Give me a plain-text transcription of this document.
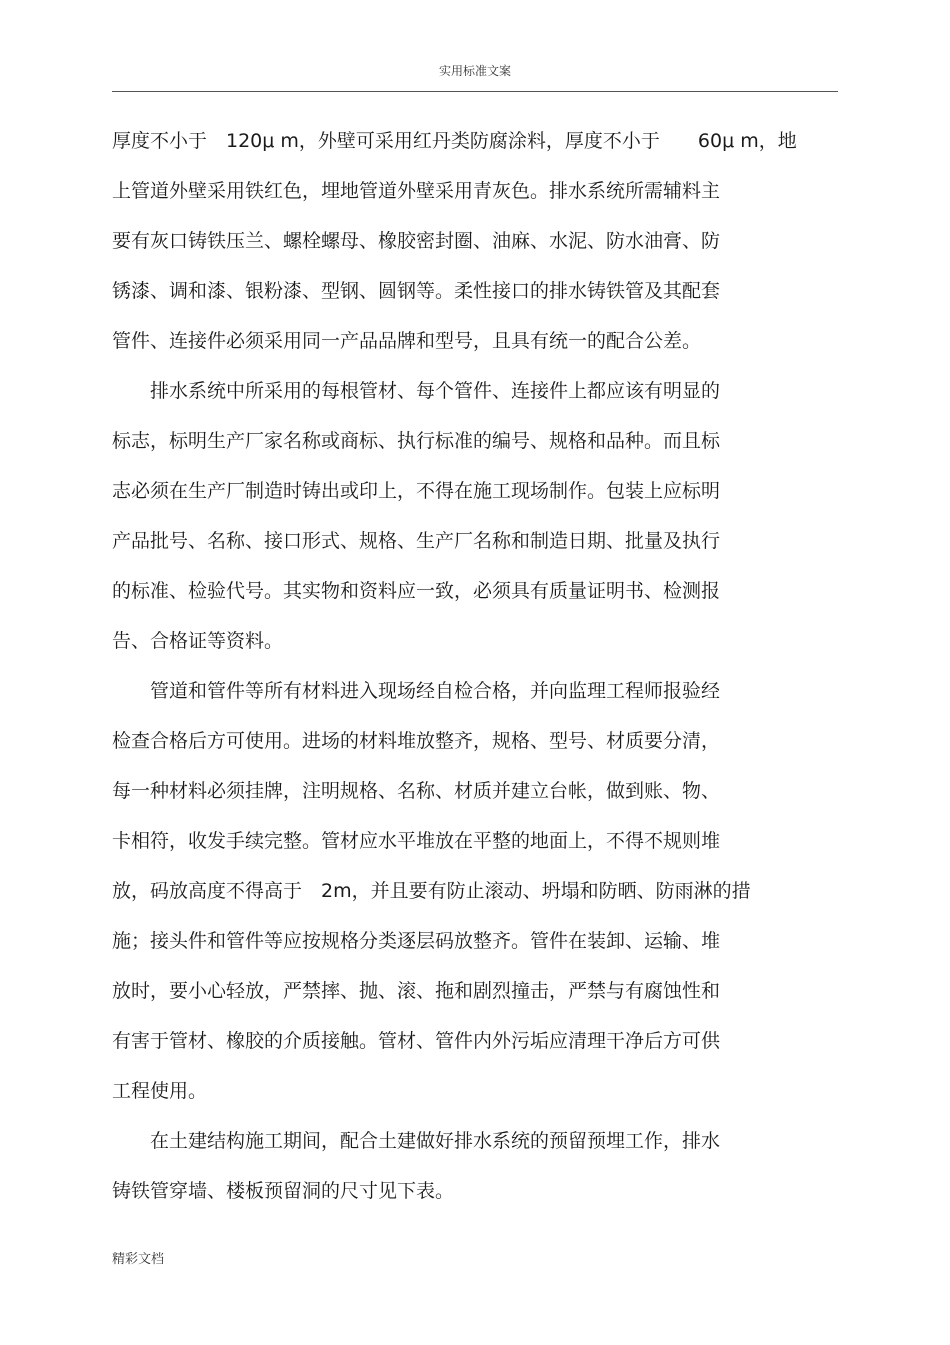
实用标准文案
厚度不小于　120μ m，外壁可采用红丹类防腐涂料，厚度不小于　　60μ m，地
上管道外壁采用铁红色，埋地管道外壁采用青灰色。排水系统所需辅料主
要有灰口铸铁压兰、螺栓螺母、橡胶密封圈、油麻、水泥、防水油膏、防
锈漆、调和漆、银粉漆、型钢、圆钢等。柔性接口的排水铸铁管及其配套
管件、连接件必须采用同一产品品牌和型号，且具有统一的配合公差。
　　排水系统中所采用的每根管材、每个管件、连接件上都应该有明显的
标志，标明生产厂家名称或商标、执行标准的编号、规格和品种。而且标
志必须在生产厂制造时铸出或印上，不得在施工现场制作。包装上应标明
产品批号、名称、接口形式、规格、生产厂名称和制造日期、批量及执行
的标准、检验代号。其实物和资料应一致，必须具有质量证明书、检测报
告、合格证等资料。
　　管道和管件等所有材料进入现场经自检合格，并向监理工程师报验经
检查合格后方可使用。进场的材料堆放整齐，规格、型号、材质要分清，
每一种材料必须挂牌，注明规格、名称、材质并建立台帐，做到账、物、
卡相符，收发手续完整。管材应水平堆放在平整的地面上，不得不规则堆
放，码放高度不得高于　2m，并且要有防止滚动、坍塌和防晒、防雨淋的措
施；接头件和管件等应按规格分类逐层码放整齐。管件在装卸、运输、堆
放时，要小心轻放，严禁摔、抛、滚、拖和剧烈撞击，严禁与有腐蚀性和
有害于管材、橡胶的介质接触。管材、管件内外污垢应清理干净后方可供
工程使用。
　　在土建结构施工期间，配合土建做好排水系统的预留预埋工作，排水
铸铁管穿墙、楼板预留洞的尺寸见下表。
精彩文档
